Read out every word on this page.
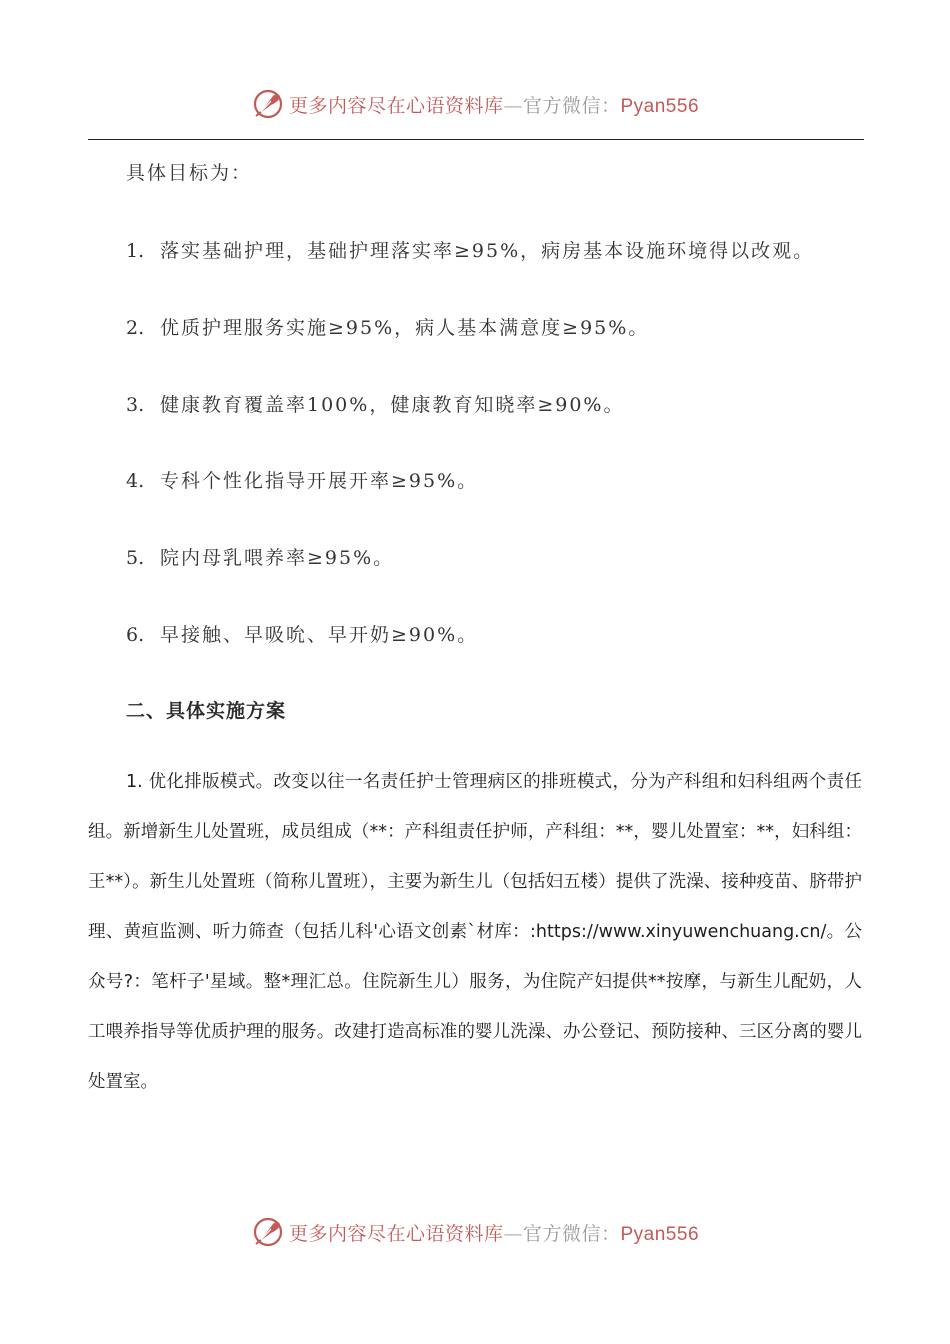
更多内容尽在心语资料库—官方微信：Pyan556
具体目标为：
1. 落实基础护理，基础护理落实率≥95%，病房基本设施环境得以改观。
2. 优质护理服务实施≥95%，病人基本满意度≥95%。
3. 健康教育覆盖率100%，健康教育知晓率≥90%。
4. 专科个性化指导开展开率≥95%。
5. 院内母乳喂养率≥95%。
6. 早接触、早吸吮、早开奶≥90%。
二、具体实施方案

1. 优化排版模式。改变以往一名责任护士管理病区的排班模式，分为产科组和妇科组两个责任组。新增新生儿处置班，成员组成（**：产科组责任护师，产科组：**，婴儿处置室：**，妇科组：王**）。新生儿处置班（简称儿置班），主要为新生儿（包括妇五楼）提供了洗澡、接种疫苗、脐带护理、黄疸监测、听力筛查（包括儿科'心语文创素`材库：:https://www.xinyuwenchuang.cn/。公众号?：笔杆子'星域。整*理汇总。住院新生儿）服务，为住院产妇提供**按摩，与新生儿配奶，人工喂养指导等优质护理的服务。改建打造高标准的婴儿洗澡、办公登记、预防接种、三区分离的婴儿处置室。

更多内容尽在心语资料库—官方微信：Pyan556
